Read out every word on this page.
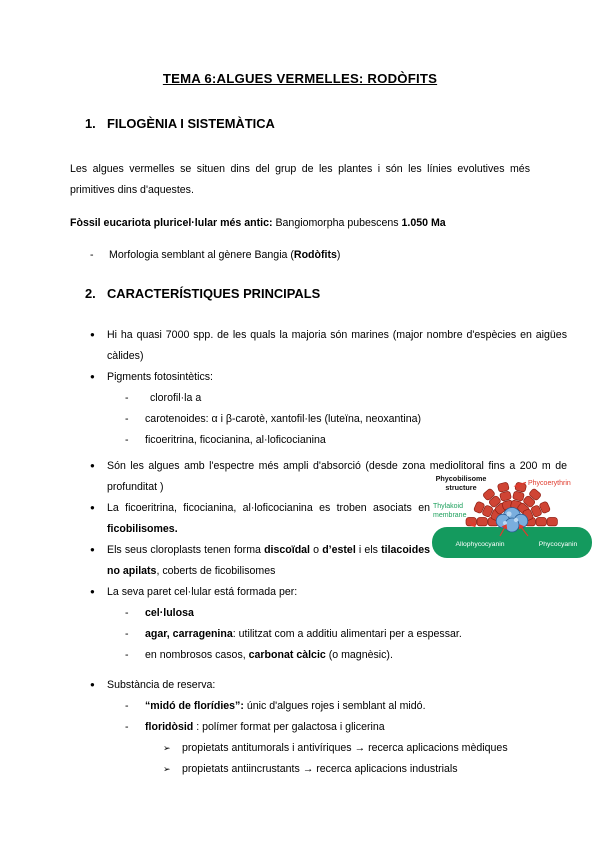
TEMA 6:ALGUES VERMELLES: RODÒFITS
1. FILOGÈNIA I SISTEMÀTICA

Les algues vermelles se situen dins del grup de les plantes i són les línies evolutives més primitives dins d'aquestes.

Fòssil eucariota pluricel·lular més antic: Bangiomorpha pubescens 1.050 Ma

- Morfologia semblant al gènere Bangia (Rodòfits)
2. CARACTERÍSTIQUES PRINCIPALS
● Hi ha quasi 7000 spp. de les quals la majoria són marines (major nombre d'espècies en aigües càlides)
● Pigments fotosintètics:
- clorofil·la a
- carotenoides: α i β-carotè, xantofil·les (luteïna, neoxantina)
- ficoeritrina, ficocianina, al·loficocianina
● Són les algues amb l'espectre més ampli d'absorció (desde zona mediolitoral fins a 200 m de profunditat )
● La ficoeritrina, ficocianina, al·loficocianina es troben asociats en ficobilisomes.
● Els seus cloroplasts tenen forma discoïdal o d’estel i els tilacoides no apilats, coberts de ficobilisomes
● La seva paret cel·lular está formada per:
- cel·lulosa
- agar, carragenina: utilitzat com a additiu alimentari per a espessar.
- en nombrosos casos, carbonat càlcic (o magnèsic).
● Substància de reserva:
- “midó de florídies”: únic d'algues rojes i semblant al midó.
- floridòsid : polímer format per galactosa i glicerina
➢ propietats antitumorals i antivíriques → recerca aplicacions mèdiques
➢ propietats antiincrustants → recerca aplicacions industrials
Phycobilisome
structure	Phycoerythrin
Thylakoid
membrane
Allophycocyanin	Phycocyanin
